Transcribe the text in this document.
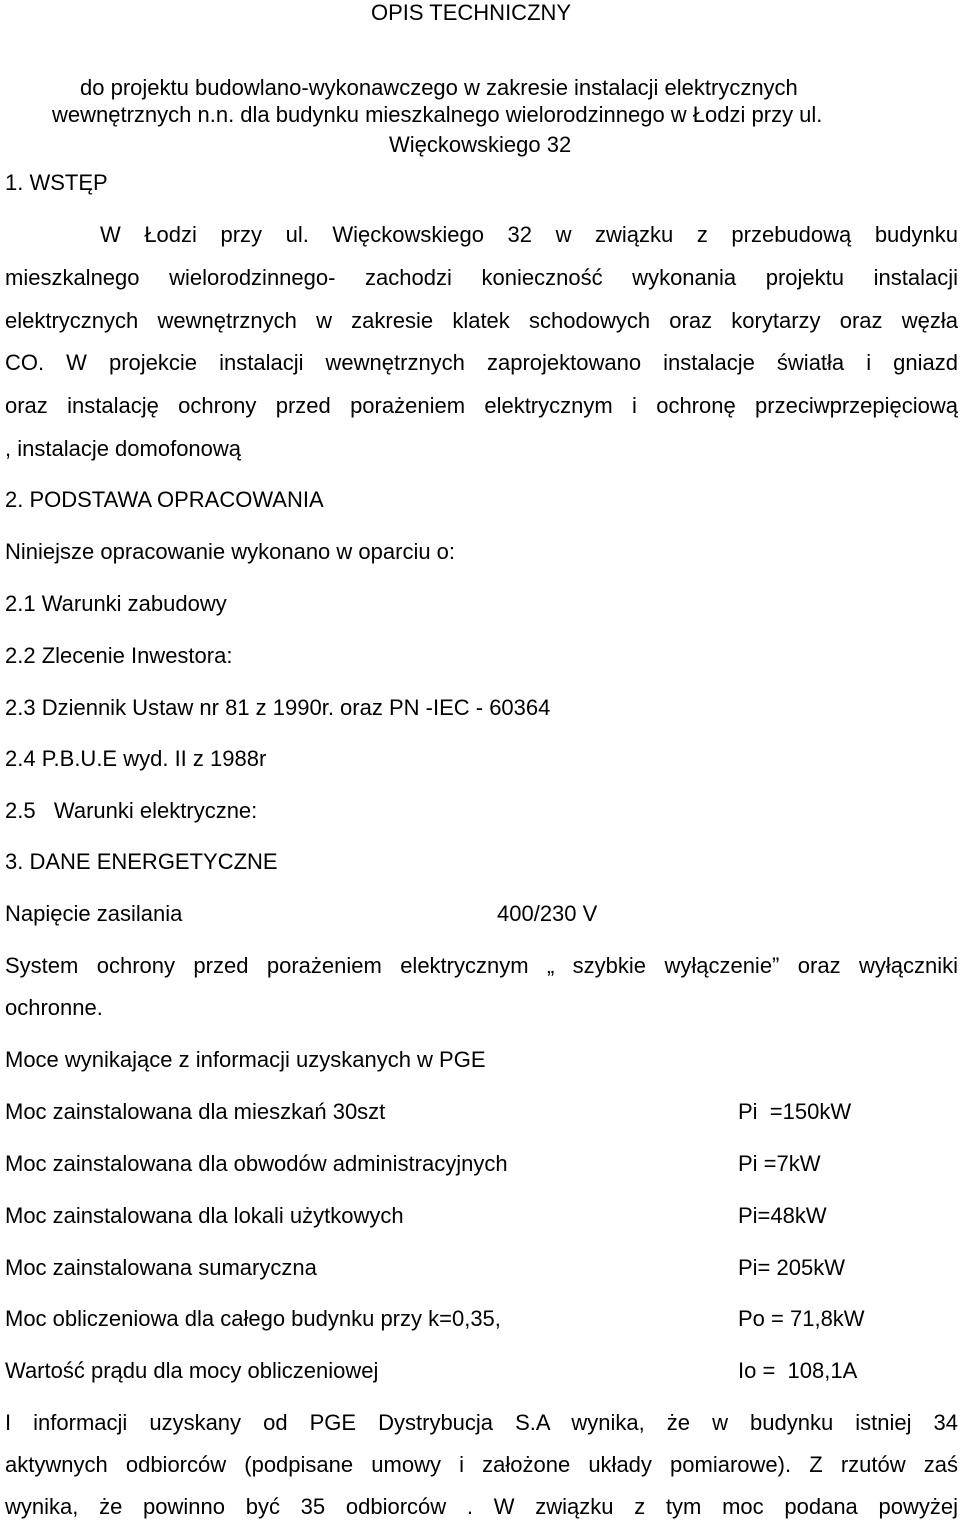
OPIS TECHNICZNY
do projektu budowlano-wykonawczego w zakresie instalacji elektrycznych
wewnętrznych n.n. dla budynku mieszkalnego wielorodzinnego w Łodzi przy ul.
Więckowskiego 32
1. WSTĘP
W Łodzi przy ul. Więckowskiego 32 w związku z przebudową budynku
mieszkalnego wielorodzinnego- zachodzi konieczność wykonania projektu instalacji
elektrycznych wewnętrznych w zakresie klatek schodowych oraz korytarzy oraz węzła
CO. W projekcie instalacji wewnętrznych zaprojektowano instalacje światła i gniazd
oraz instalację ochrony przed porażeniem elektrycznym i ochronę przeciwprzepięciową
, instalacje domofonową
2. PODSTAWA OPRACOWANIA
Niniejsze opracowanie wykonano w oparciu o:
2.1 Warunki zabudowy
2.2 Zlecenie Inwestora:
2.3 Dziennik Ustaw nr 81 z 1990r. oraz PN -IEC - 60364
2.4 P.B.U.E wyd. II z 1988r
2.5   Warunki elektryczne:
3. DANE ENERGETYCZNE
Napięcie zasilania	400/230 V
System ochrony przed porażeniem elektrycznym „ szybkie wyłączenie” oraz wyłączniki
ochronne.
Moce wynikające z informacji uzyskanych w PGE
Moc zainstalowana dla mieszkań 30szt	Pi  =150kW
Moc zainstalowana dla obwodów administracyjnych	Pi =7kW
Moc zainstalowana dla lokali użytkowych	Pi=48kW
Moc zainstalowana sumaryczna	Pi= 205kW
Moc obliczeniowa dla całego budynku przy k=0,35,	Po = 71,8kW
Wartość prądu dla mocy obliczeniowej	Io =  108,1A
I informacji uzyskany od PGE Dystrybucja S.A wynika, że w budynku istniej 34
aktywnych odbiorców (podpisane umowy i założone układy pomiarowe). Z rzutów zaś
wynika, że powinno być 35 odbiorców . W związku z tym moc podana powyżej
